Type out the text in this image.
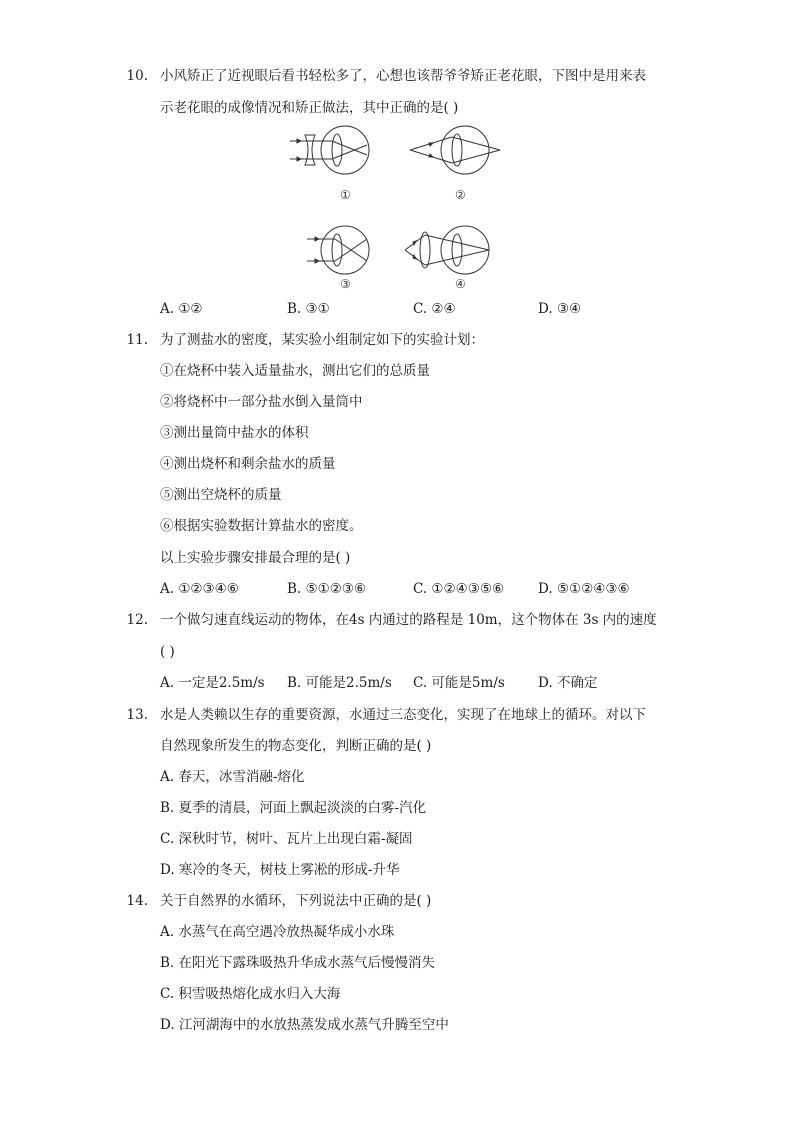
10. 小风矫正了近视眼后看书轻松多了，心想也该帮爷爷矫正老花眼，下图中是用来表
示老花眼的成像情况和矫正做法，其中正确的是( )
①	②
③	④
A. ①②	B. ③①	C. ②④	D. ③④
11. 为了测盐水的密度，某实验小组制定如下的实验计划：
①在烧杯中装入适量盐水，测出它们的总质量
②将烧杯中一部分盐水倒入量筒中
③测出量筒中盐水的体积
④测出烧杯和剩余盐水的质量
⑤测出空烧杯的质量
⑥根据实验数据计算盐水的密度。
以上实验步骤安排最合理的是( )
A. ①②③④⑥	B. ⑤①②③⑥	C. ①②④③⑤⑥	D. ⑤①②④③⑥
12. 一个做匀速直线运动的物体，在4s 内通过的路程是 10m，这个物体在 3s 内的速度
( )
A. 一定是2.5m/s B. 可能是2.5m/s C. 可能是5m/s D. 不确定
13. 水是人类赖以生存的重要资源，水通过三态变化，实现了在地球上的循环。对以下
自然现象所发生的物态变化，判断正确的是( )
A. 春天，冰雪消融-熔化
B. 夏季的清晨，河面上飘起淡淡的白雾-汽化
C. 深秋时节，树叶、瓦片上出现白霜-凝固
D. 寒冷的冬天，树枝上雾凇的形成-升华
14. 关于自然界的水循环，下列说法中正确的是( )
A. 水蒸气在高空遇冷放热凝华成小水珠
B. 在阳光下露珠吸热升华成水蒸气后慢慢消失
C. 积雪吸热熔化成水归入大海
D. 江河湖海中的水放热蒸发成水蒸气升腾至空中
